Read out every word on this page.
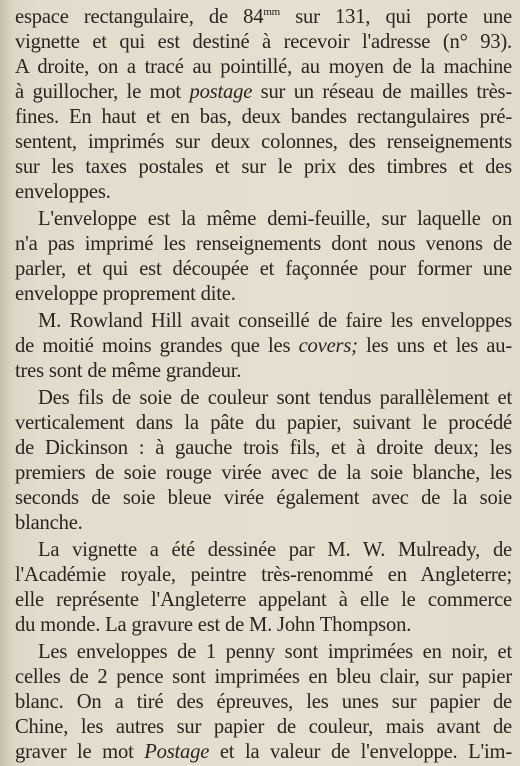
espace rectangulaire, de $84^{mm}$ sur 131, qui porte une
vignette et qui est destiné à recevoir l'adresse (n° 93).
A droite, on a tracé au pointillé, au moyen de la machine
à guillocher, le mot postage sur un réseau de mailles très-
fines. En haut et en bas, deux bandes rectangulaires pré-
sentent, imprimés sur deux colonnes, des renseignements
sur les taxes postales et sur le prix des timbres et des
enveloppes.
L'enveloppe est la même demi-feuille, sur laquelle on
n'a pas imprimé les renseignements dont nous venons de
parler, et qui est découpée et façonnée pour former une
enveloppe proprement dite.
M. Rowland Hill avait conseillé de faire les enveloppes
de moitié moins grandes que les covers; les uns et les au-
tres sont de même grandeur.
Des fils de soie de couleur sont tendus parallèlement et
verticalement dans la pâte du papier, suivant le procédé
de Dickinson : à gauche trois fils, et à droite deux; les
premiers de soie rouge virée avec de la soie blanche, les
seconds de soie bleue virée également avec de la soie
blanche.
La vignette a été dessinée par M. W. Mulready, de
l'Académie royale, peintre très-renommé en Angleterre;
elle représente l'Angleterre appelant à elle le commerce
du monde. La gravure est de M. John Thompson.
Les enveloppes de 1 penny sont imprimées en noir, et
celles de 2 pence sont imprimées en bleu clair, sur papier
blanc. On a tiré des épreuves, les unes sur papier de
Chine, les autres sur papier de couleur, mais avant de
graver le mot Postage et la valeur de l'enveloppe. L'im-
